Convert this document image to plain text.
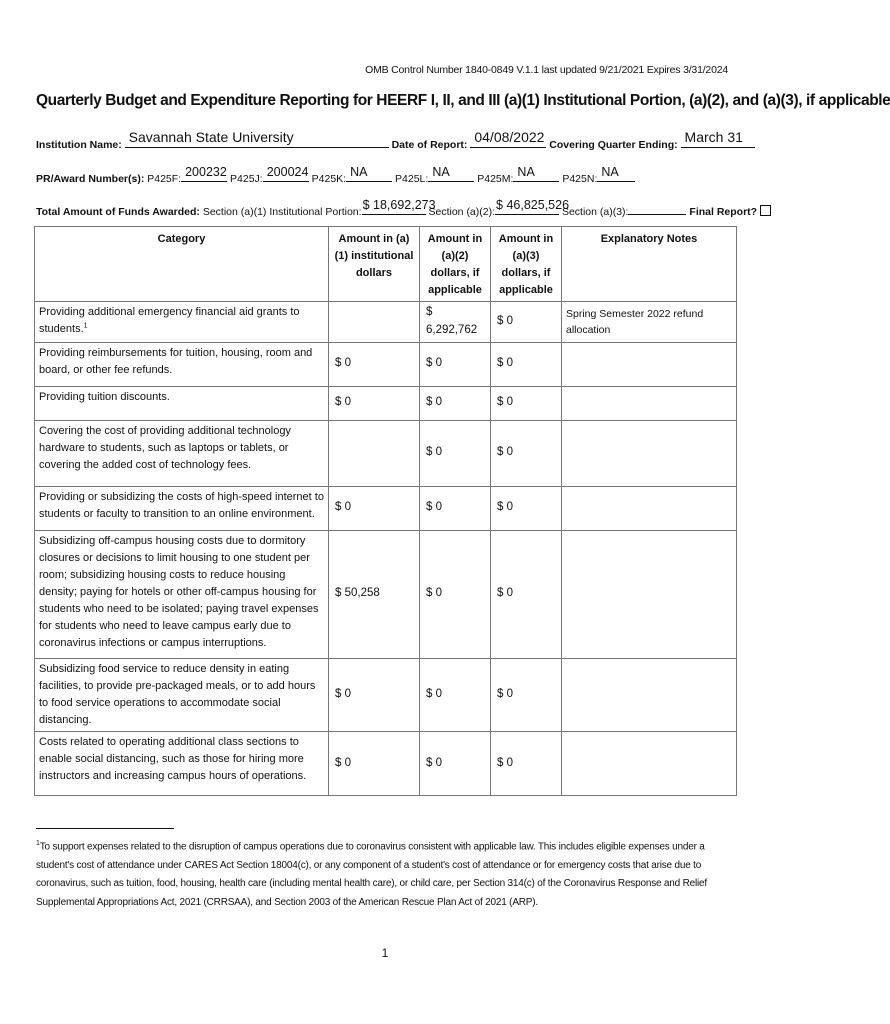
OMB Control Number 1840-0849 V.1.1 last updated 9/21/2021 Expires 3/31/2024
Quarterly Budget and Expenditure Reporting for HEERF I, II, and III (a)(1) Institutional Portion, (a)(2), and (a)(3), if applicable
Institution Name: Savannah State University	Date of Report: 04/08/2022 Covering Quarter Ending: March 31
PR/Award Number(s): P425F: 200232 P425J: 200024 P425K: NA	P425L: NA	P425M: NA	P425N: NA
Total Amount of Funds Awarded: Section (a)(1) Institutional Portion: $ 18,692,273
Section (a)(2): $ 46,825,526
Section (a)(3):	Final Report?
Category	Amount in (a)(1) institutional dollars	Amount in (a)(2) dollars, if applicable	Amount in (a)(3) dollars, if applicable	Explanatory Notes
Providing additional emergency financial aid grants to students.$^1$		$ 6,292,762	$ 0	Spring Semester 2022 refund allocation
Providing reimbursements for tuition, housing, room and board, or other fee refunds.	$ 0	$ 0	$ 0	
Providing tuition discounts.	$ 0	$ 0	$ 0	
Covering the cost of providing additional technology hardware to students, such as laptops or tablets, or covering the added cost of technology fees.		$ 0	$ 0	
Providing or subsidizing the costs of high-speed internet to students or faculty to transition to an online environment.	$ 0	$ 0	$ 0	
Subsidizing off-campus housing costs due to dormitory closures or decisions to limit housing to one student per room; subsidizing housing costs to reduce housing density; paying for hotels or other off-campus housing for students who need to be isolated; paying travel expenses for students who need to leave campus early due to coronavirus infections or campus interruptions.	$ 50,258	$ 0	$ 0	
Subsidizing food service to reduce density in eating facilities, to provide pre-packaged meals, or to add hours to food service operations to accommodate social distancing.	$ 0	$ 0	$ 0	
Costs related to operating additional class sections to enable social distancing, such as those for hiring more instructors and increasing campus hours of operations.	$ 0	$ 0	$ 0	
$^1$To support expenses related to the disruption of campus operations due to coronavirus consistent with applicable law. This includes eligible expenses under a student's cost of attendance under CARES Act Section 18004(c), or any component of a student's cost of attendance or for emergency costs that arise due to coronavirus, such as tuition, food, housing, health care (including mental health care), or child care, per Section 314(c) of the Coronavirus Response and Relief Supplemental Appropriations Act, 2021 (CRRSAA), and Section 2003 of the American Rescue Plan Act of 2021 (ARP).
1
